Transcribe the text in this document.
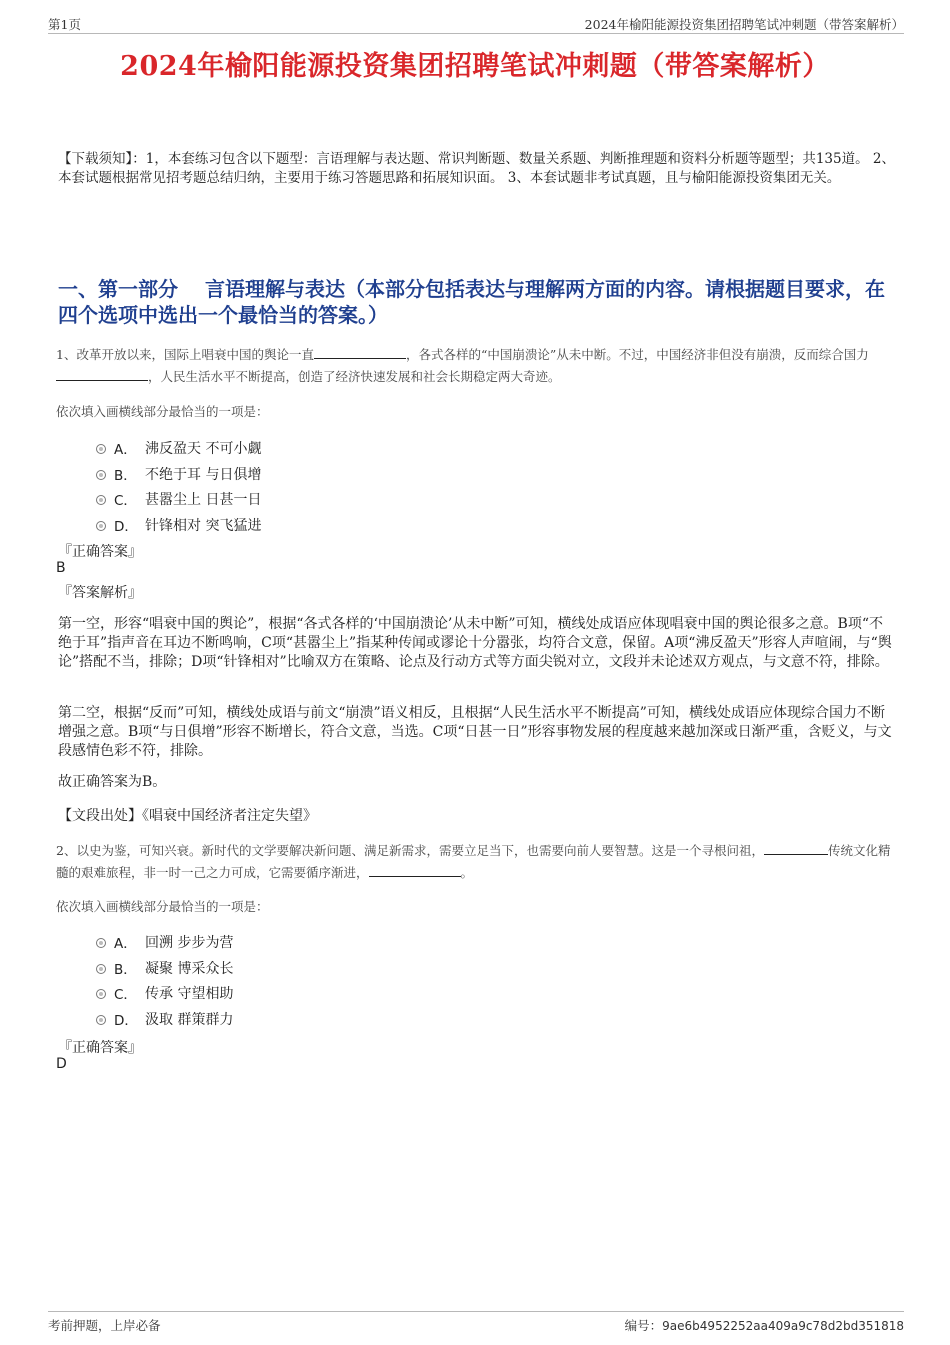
第1页	2024年榆阳能源投资集团招聘笔试冲刺题（带答案解析）
2024年榆阳能源投资集团招聘笔试冲刺题（带答案解析）

【下载须知】：1，本套练习包含以下题型：言语理解与表达题、常识判断题、数量关系题、判断推理题和资料分析题等题型；共135道。 2、本套试题根据常见招考题总结归纳，主要用于练习答题思路和拓展知识面。 3、本套试题非考试真题，且与榆阳能源投资集团无关。

一、第一部分　 言语理解与表达（本部分包括表达与理解两方面的内容。请根据题目要求，在四个选项中选出一个最恰当的答案。）

1、改革开放以来，国际上唱衰中国的舆论一直	，各式各样的“中国崩溃论”从未中断。不过，中国经济非但没有崩溃，反而综合国力，人民生活水平不断提高，创造了经济快速发展和社会长期稳定两大奇迹。

依次填入画横线部分最恰当的一项是：

A． 沸反盈天 不可小觑
B． 不绝于耳 与日俱增
C． 甚嚣尘上 日甚一日
D． 针锋相对 突飞猛进
『正确答案』
B
『答案解析』

第一空，形容“唱衰中国的舆论”，根据“各式各样的‘中国崩溃论’从未中断”可知，横线处成语应体现唱衰中国的舆论很多之意。B项“不绝于耳”指声音在耳边不断鸣响，C项“甚嚣尘上”指某种传闻或谬论十分嚣张，均符合文意，保留。A项“沸反盈天”形容人声喧闹，与“舆论”搭配不当，排除；D项“针锋相对”比喻双方在策略、论点及行动方式等方面尖锐对立，文段并未论述双方观点，与文意不符，排除。

第二空，根据“反而”可知，横线处成语与前文“崩溃”语义相反，且根据“人民生活水平不断提高”可知，横线处成语应体现综合国力不断增强之意。B项“与日俱增”形容不断增长，符合文意，当选。C项“日甚一日”形容事物发展的程度越来越加深或日渐严重，含贬义，与文段感情色彩不符，排除。

故正确答案为B。

【文段出处】《唱衰中国经济者注定失望》

2、以史为鉴，可知兴衰。新时代的文学要解决新问题、满足新需求，需要立足当下，也需要向前人要智慧。这是一个寻根问祖，	传统文化精髓的艰难旅程，非一时一己之力可成，它需要循序渐进，	。

依次填入画横线部分最恰当的一项是：

A． 回溯 步步为营
B． 凝聚 博采众长
C． 传承 守望相助
D． 汲取 群策群力
『正确答案』
D
考前押题，上岸必备	编号：9ae6b4952252aa409a9c78d2bd351818
